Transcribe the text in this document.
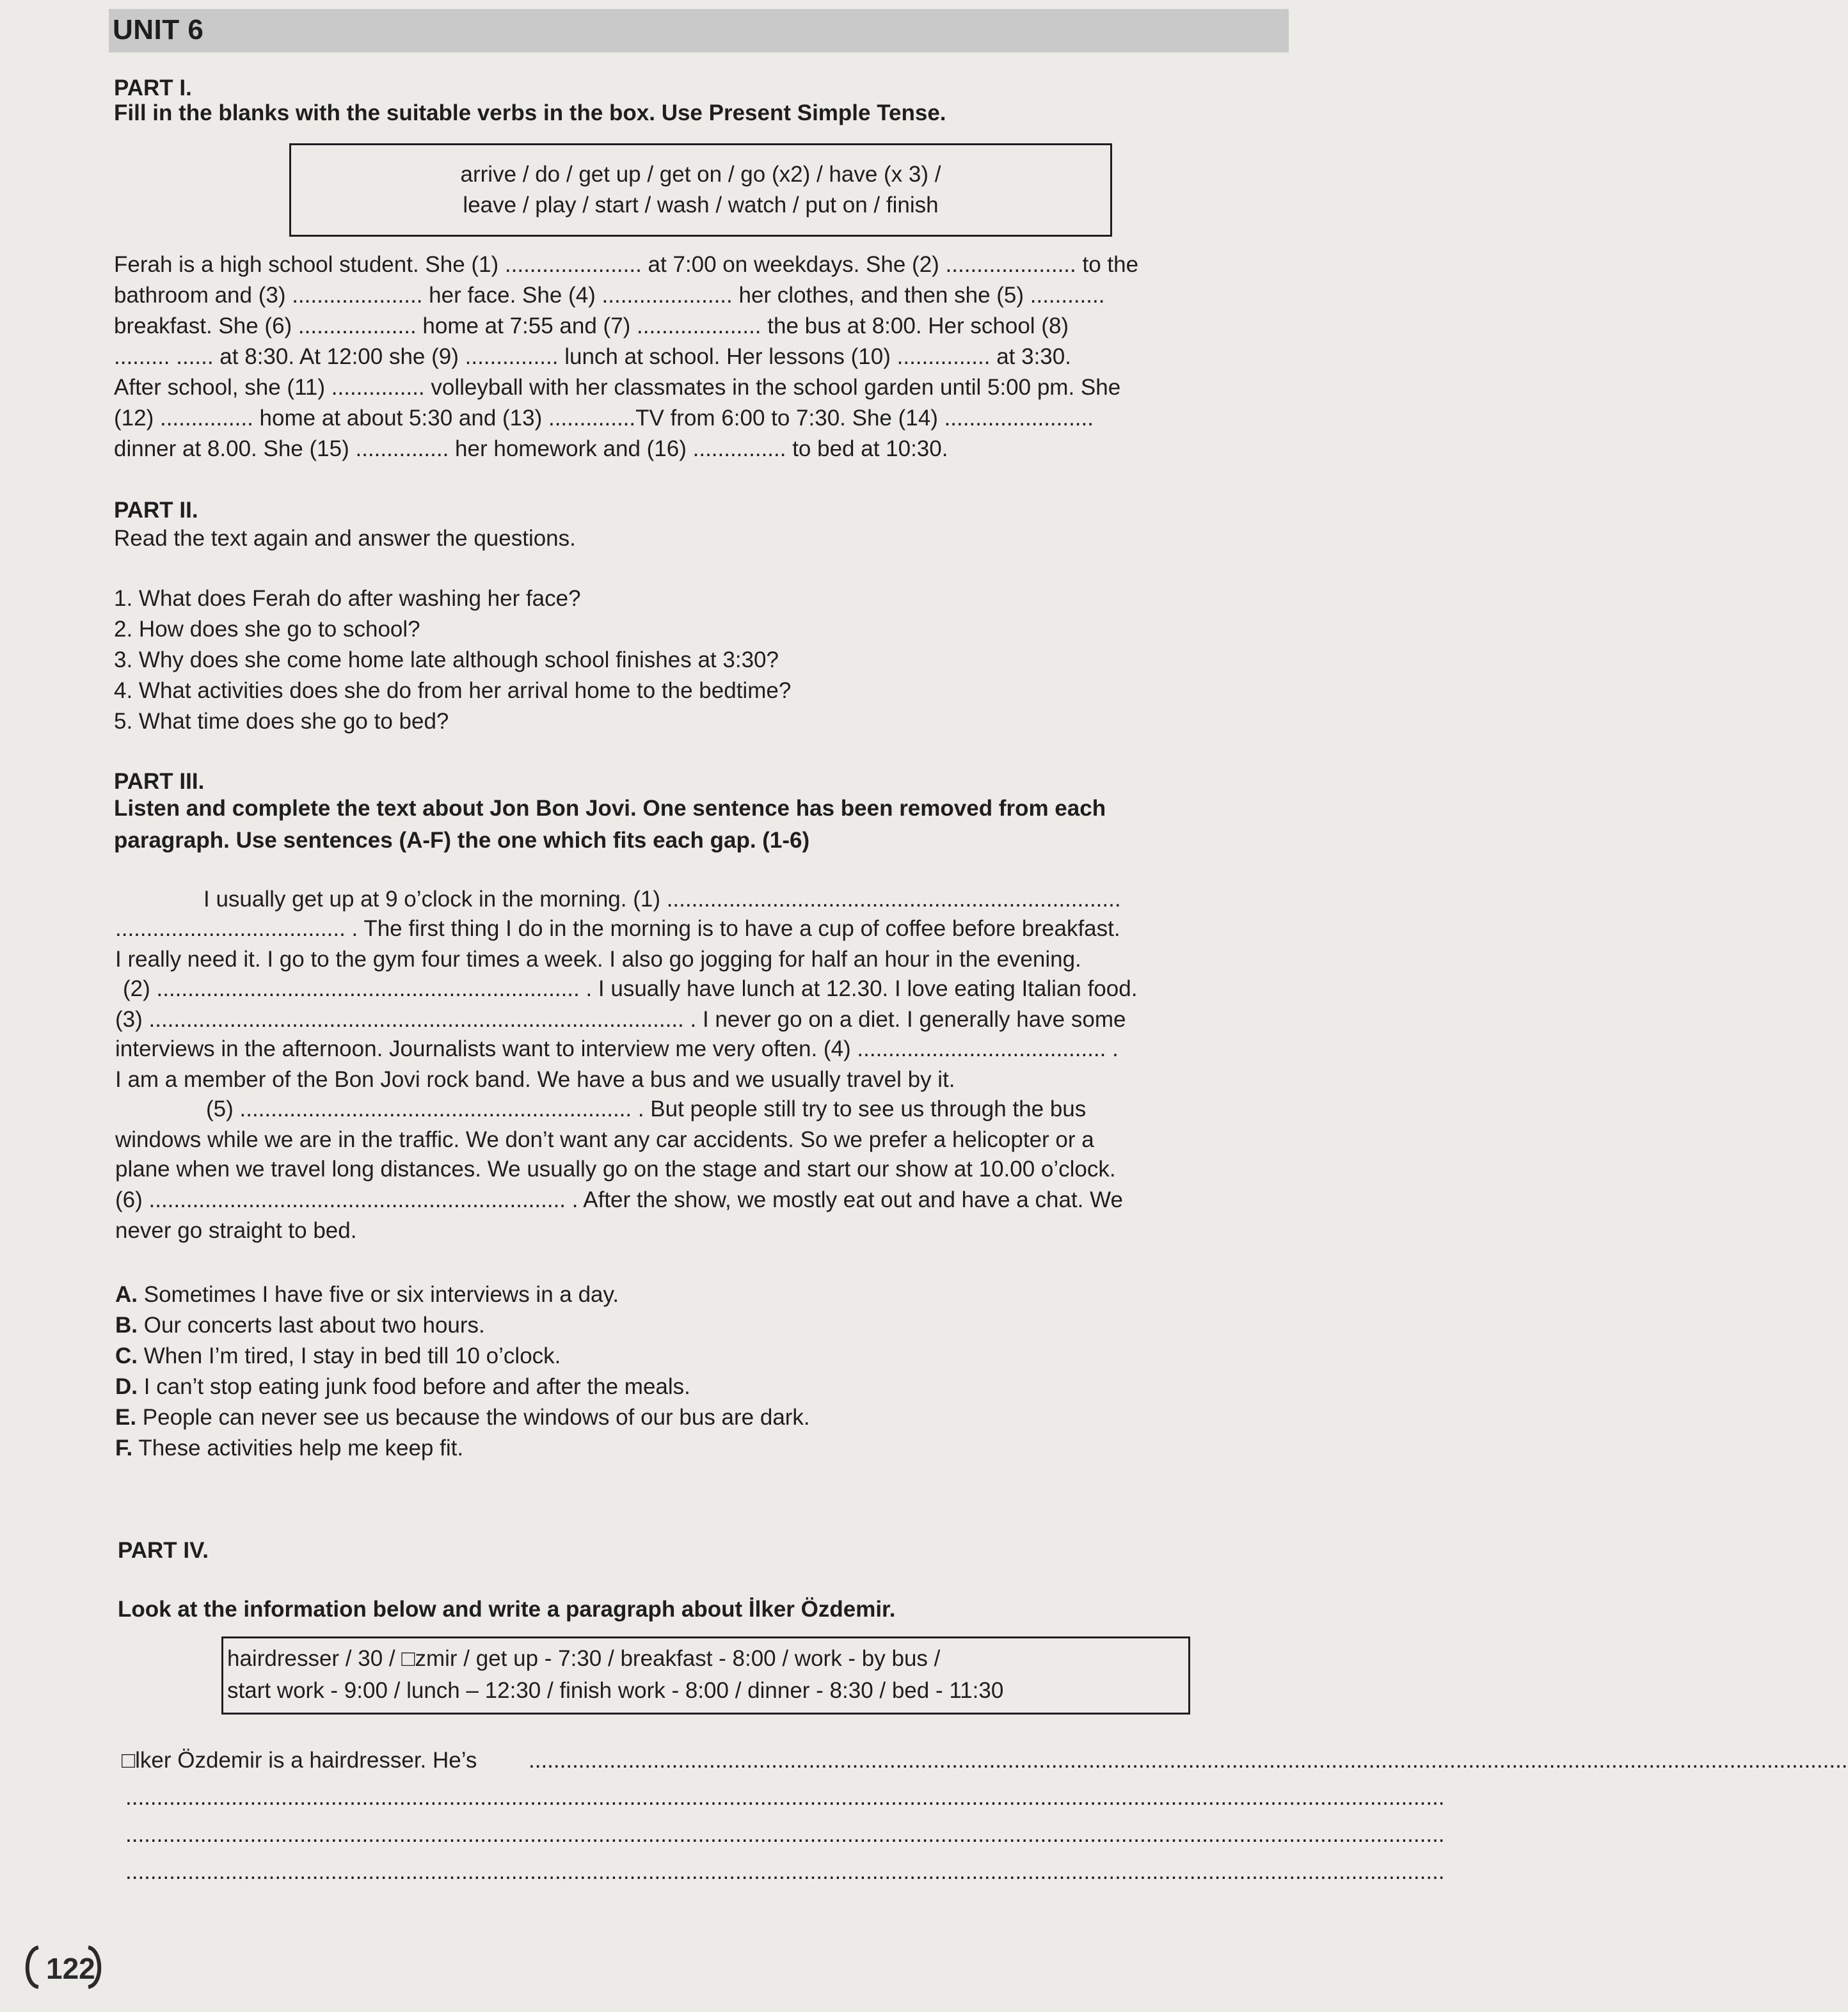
UNIT 6
PART I.
Fill in the blanks with the suitable verbs in the box. Use Present Simple Tense.
arrive / do / get up / get on / go (x2) / have (x 3) /
leave / play / start / wash / watch / put on / finish
Ferah is a high school student. She (1) ...................... at 7:00 on weekdays. She (2) ..................... to the
bathroom and (3) ..................... her face. She (4) ..................... her clothes, and then she (5) ............
breakfast. She (6) ................... home at 7:55 and (7) .................... the bus at 8:00. Her school (8)
......... ...... at 8:30. At 12:00 she (9) ............... lunch at school. Her lessons (10) ............... at 3:30.
After school, she (11) ............... volleyball with her classmates in the school garden until 5:00 pm. She
(12) ............... home at about 5:30 and (13) ..............TV from 6:00 to 7:30. She (14) ........................
dinner at 8.00. She (15) ............... her homework and (16) ............... to bed at 10:30.
PART II.
Read the text again and answer the questions.
1. What does Ferah do after washing her face?
2. How does she go to school?
3. Why does she come home late although school finishes at 3:30?
4. What activities does she do from her arrival home to the bedtime?
5. What time does she go to bed?
PART III.
Listen and complete the text about Jon Bon Jovi. One sentence has been removed from each
paragraph. Use sentences (A-F) the one which fits each gap. (1-6)
I usually get up at 9 o’clock in the morning. (1) .........................................................................
..................................... . The first thing I do in the morning is to have a cup of coffee before breakfast.
I really need it. I go to the gym four times a week. I also go jogging for half an hour in the evening.
(2) .................................................................... . I usually have lunch at 12.30. I love eating Italian food.
(3) ...................................................................................... . I never go on a diet. I generally have some
interviews in the afternoon. Journalists want to interview me very often. (4) ........................................ .
I am a member of the Bon Jovi rock band. We have a bus and we usually travel by it.
(5) ............................................................... . But people still try to see us through the bus
windows while we are in the traffic. We don’t want any car accidents. So we prefer a helicopter or a
plane when we travel long distances. We usually go on the stage and start our show at 10.00 o’clock.
(6) ................................................................... . After the show, we mostly eat out and have a chat. We
never go straight to bed.
A. Sometimes I have five or six interviews in a day.
B. Our concerts last about two hours.
C. When I’m tired, I stay in bed till 10 o’clock.
D. I can’t stop eating junk food before and after the meals.
E. People can never see us because the windows of our bus are dark.
F. These activities help me keep fit.
PART IV.
Look at the information below and write a paragraph about İlker Özdemir.
hairdresser / 30 / □zmir / get up - 7:30 / breakfast - 8:00 / work - by bus /
start work - 9:00 / lunch – 12:30 / finish work - 8:00 / dinner - 8:30 / bed - 11:30
□lker Özdemir is a hairdresser. He’s ....................................................................................................................................................................................................................
....................................................................................................................................................................................................................
....................................................................................................................................................................................................................
....................................................................................................................................................................................................................
122
